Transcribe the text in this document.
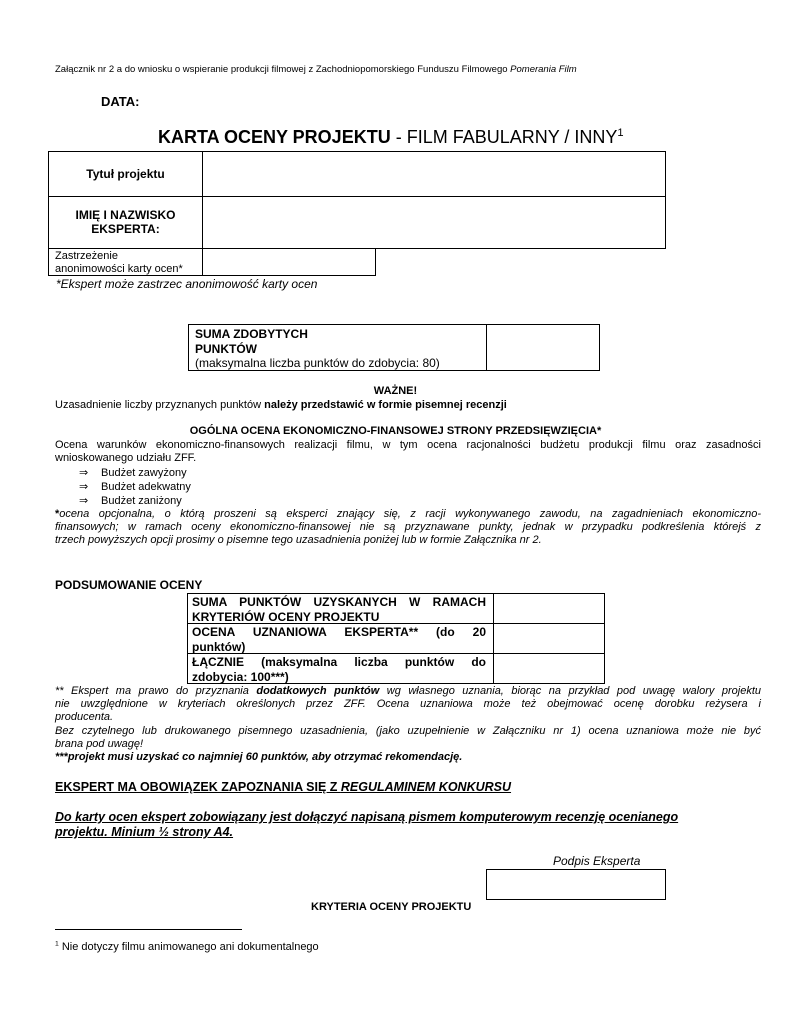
Załącznik nr 2 a do wniosku o wspieranie produkcji filmowej z Zachodniopomorskiego Funduszu Filmowego Pomerania Film
DATA:
KARTA OCENY PROJEKTU - FILM FABULARNY / INNY$^1$
Tytuł projektu
IMIĘ I NAZWISKO
EKSPERTA:
Zastrzeżenie
anonimowości karty ocen*
*Ekspert może zastrzec anonimowość karty ocen
SUMA ZDOBYTYCH
PUNKTÓW
(maksymalna liczba punktów do zdobycia: 80)
WAŻNE!
Uzasadnienie liczby przyznanych punktów należy przedstawić w formie pisemnej recenzji
OGÓLNA OCENA EKONOMICZNO-FINANSOWEJ STRONY PRZEDSIĘWZIĘCIA*
Ocena warunków ekonomiczno-finansowych realizacji filmu, w tym ocena racjonalności budżetu produkcji filmu oraz zasadności
wnioskowanego udziału ZFF.
⇒ Budżet zawyżony
⇒ Budżet adekwatny
⇒ Budżet zaniżony
*ocena opcjonalna, o którą proszeni są eksperci znający się, z racji wykonywanego zawodu, na zagadnieniach ekonomiczno-
finansowych; w ramach oceny ekonomiczno-finansowej nie są przyznawane punkty, jednak w przypadku podkreślenia którejś z
trzech powyższych opcji prosimy o pisemne tego uzasadnienia poniżej lub w formie Załącznika nr 2.
PODSUMOWANIE OCENY
SUMA PUNKTÓW UZYSKANYCH W RAMACH
KRYTERIÓW OCENY PROJEKTU
OCENA UZNANIOWA EKSPERTA** (do 20
punktów)
ŁĄCZNIE (maksymalna liczba punktów do
zdobycia: 100***)
** Ekspert ma prawo do przyznania dodatkowych punktów wg własnego uznania, biorąc na przykład pod uwagę walory projektu
nie uwzględnione w kryteriach określonych przez ZFF. Ocena uznaniowa może też obejmować ocenę dorobku reżysera i
producenta.
Bez czytelnego lub drukowanego pisemnego uzasadnienia, (jako uzupełnienie w Załączniku nr 1) ocena uznaniowa może nie być
brana pod uwagę!
***projekt musi uzyskać co najmniej 60 punktów, aby otrzymać rekomendację.
EKSPERT MA OBOWIĄZEK ZAPOZNANIA SIĘ Z REGULAMINEM KONKURSU
Do karty ocen ekspert zobowiązany jest dołączyć napisaną pismem komputerowym recenzję ocenianego
projektu. Minium ½ strony A4.
Podpis Eksperta
KRYTERIA OCENY PROJEKTU
$^1$ Nie dotyczy filmu animowanego ani dokumentalnego
